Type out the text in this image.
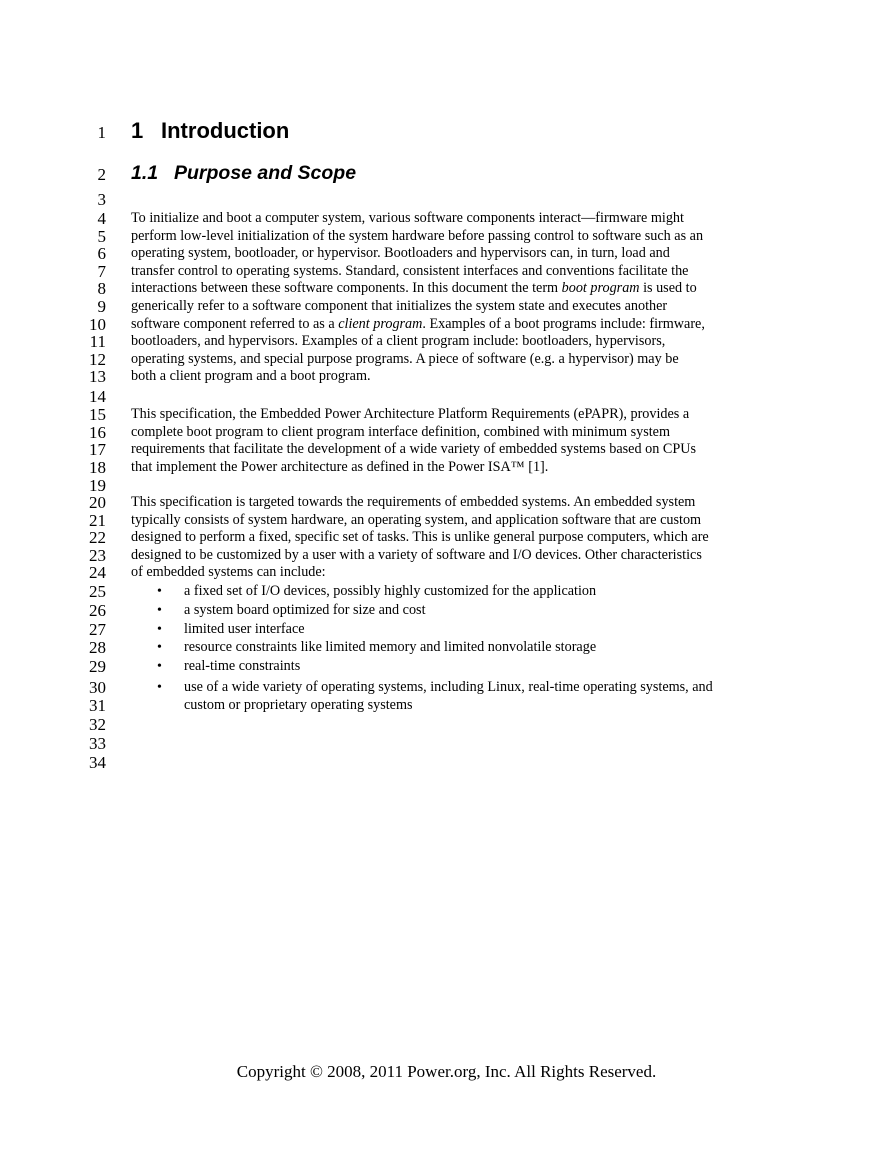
1
2
3
4
5
6
7
8
9
10
11
12
13
14
15
16
17
18
19
20
21
22
23
24
25
26
27
28
29
30
31
32
33
34
1 Introduction
1.1 Purpose and Scope
To initialize and boot a computer system, various software components interact—firmware might
perform low-level initialization of the system hardware before passing control to software such as an
operating system, bootloader, or hypervisor. Bootloaders and hypervisors can, in turn, load and
transfer control to operating systems. Standard, consistent interfaces and conventions facilitate the
interactions between these software components. In this document the term boot program is used to
generically refer to a software component that initializes the system state and executes another
software component referred to as a client program. Examples of a boot programs include: firmware,
bootloaders, and hypervisors. Examples of a client program include: bootloaders, hypervisors,
operating systems, and special purpose programs. A piece of software (e.g. a hypervisor) may be
both a client program and a boot program.
This specification, the Embedded Power Architecture Platform Requirements (ePAPR), provides a
complete boot program to client program interface definition, combined with minimum system
requirements that facilitate the development of a wide variety of embedded systems based on CPUs
that implement the Power architecture as defined in the Power ISA™ [1].
This specification is targeted towards the requirements of embedded systems. An embedded system
typically consists of system hardware, an operating system, and application software that are custom
designed to perform a fixed, specific set of tasks. This is unlike general purpose computers, which are
designed to be customized by a user with a variety of software and I/O devices. Other characteristics
of embedded systems can include:
• a fixed set of I/O devices, possibly highly customized for the application
• a system board optimized for size and cost
• limited user interface
• resource constraints like limited memory and limited nonvolatile storage
• real-time constraints
• use of a wide variety of operating systems, including Linux, real-time operating systems, and
custom or proprietary operating systems
Copyright © 2008, 2011 Power.org, Inc. All Rights Reserved.
